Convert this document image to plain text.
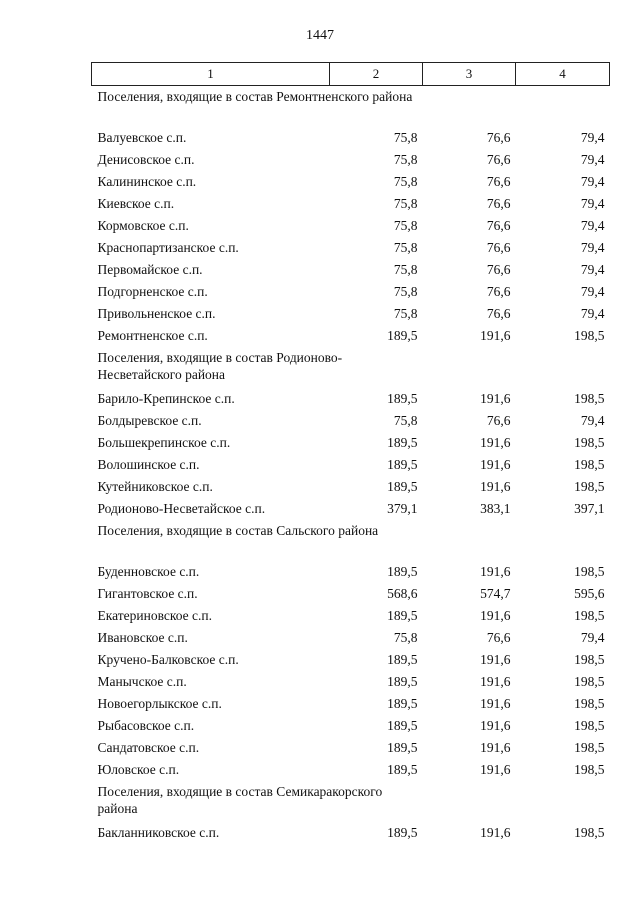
1447
1	2	3	4
Поселения, входящие в состав Ремонтненского района			
Валуевское с.п.	75,8	76,6	79,4
Денисовское с.п.	75,8	76,6	79,4
Калининское с.п.	75,8	76,6	79,4
Киевское с.п.	75,8	76,6	79,4
Кормовское с.п.	75,8	76,6	79,4
Краснопартизанское с.п.	75,8	76,6	79,4
Первомайское с.п.	75,8	76,6	79,4
Подгорненское с.п.	75,8	76,6	79,4
Привольненское с.п.	75,8	76,6	79,4
Ремонтненское с.п.	189,5	191,6	198,5
Поселения, входящие в состав Родионово-Несветайского района			
Барило-Крепинское с.п.	189,5	191,6	198,5
Болдыревское с.п.	75,8	76,6	79,4
Большекрепинское с.п.	189,5	191,6	198,5
Волошинское с.п.	189,5	191,6	198,5
Кутейниковское с.п.	189,5	191,6	198,5
Родионово-Несветайское с.п.	379,1	383,1	397,1
Поселения, входящие в состав Сальского района			
Буденновское с.п.	189,5	191,6	198,5
Гигантовское с.п.	568,6	574,7	595,6
Екатериновское с.п.	189,5	191,6	198,5
Ивановское с.п.	75,8	76,6	79,4
Кручено-Балковское с.п.	189,5	191,6	198,5
Манычское с.п.	189,5	191,6	198,5
Новоегорлыкское с.п.	189,5	191,6	198,5
Рыбасовское с.п.	189,5	191,6	198,5
Сандатовское с.п.	189,5	191,6	198,5
Юловское с.п.	189,5	191,6	198,5
Поселения, входящие в состав Семикаракорского района			
Бакланниковское с.п.	189,5	191,6	198,5
